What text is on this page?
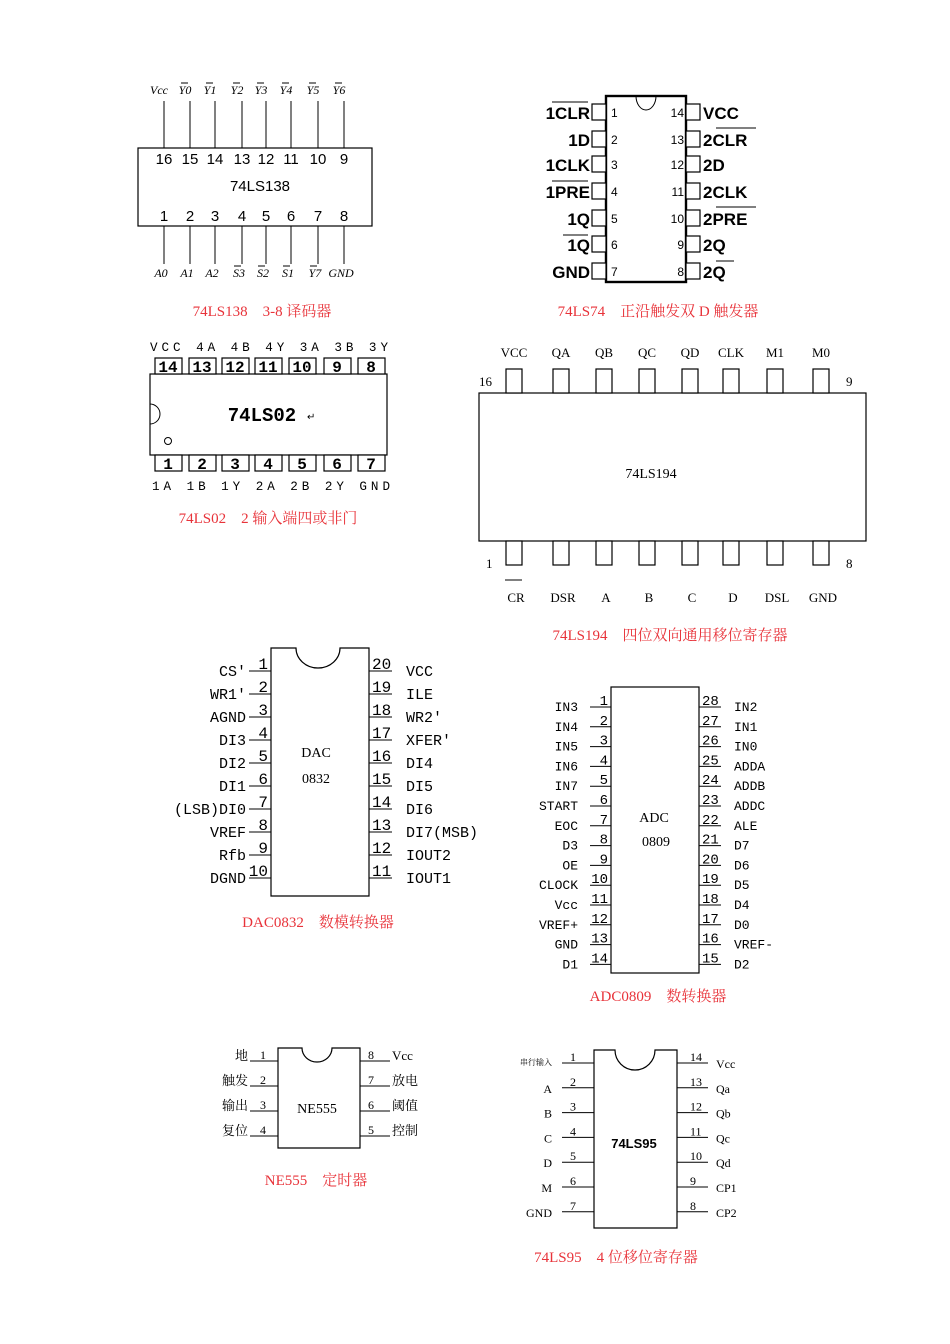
74LS138
74LS138　3-8 译码器
16
1
Vcc
A0
15
2
Y0
A1
14
3
Y1
A2
13
4
Y2
S3
12
5
Y3
S2
11
6
Y4
S1
10
7
Y5
Y7
9
8
Y6
GND
74LS74　正沿触发双 D 触发器
1CLR 1
1D 2
1CLK 3
1PRE 4
1Q 5
1Q 6
GND 7
VCC
14
2CLR
13
2D
12
2CLK
11
2PRE
10
2Q
9
2Q
8
74LS02 ↵
VCC 4A 4B 4Y 3A 3B 3Y
1A 1B 1Y 2A 2B 2Y GND
74LS02　2 输入端四或非门
14
1
13
2
12
3
11
4
10
5
9
6
8
7
74LS194
16	9
1	8
74LS194　四位双向通用移位寄存器
VCC
CR
QA
DSR
QB
A
QC
B
QD
C
CLK
D
M1
DSL
M0
GND
DAC
0832
DAC0832　数模转换器
1
CS'
2
WR1'
3
AGND
4
DI3
5
DI2
6
DI1
7
(LSB)DI0
8
VREF
9
Rfb
10
DGND
20 VCC
19 ILE
18 WR2'
17 XFER'
16 DI4
15 DI5
14 DI6
13 DI7(MSB)
12 IOUT2
11 IOUT1
ADC
0809
ADC0809　数转换器
1
IN3
2
IN4
3
IN5
4
IN6
5
IN7
6
START
7
EOC
8
D3
9
OE
10
CLOCK
11
Vcc
12
VREF+
13
GND
14
D1
28 IN2
27 IN1
26 IN0
25 ADDA
24 ADDB
23 ADDC
22 ALE
21 D7
20 D6
19 D5
18 D4
17 D0
16 VREF-
15 D2
NE555
NE555　定时器
1
地
2
触发
3
输出
4
复位
8 Vcc
7 放电
6 阈值
5 控制
74LS95
74LS95　4 位移位寄存器
1
串行输入
2
A
3
B
4
C
5
D
6
M
7
GND
14 Vcc
13 Qa
12 Qb
11 Qc
10 Qd
9 CP1
8 CP2
